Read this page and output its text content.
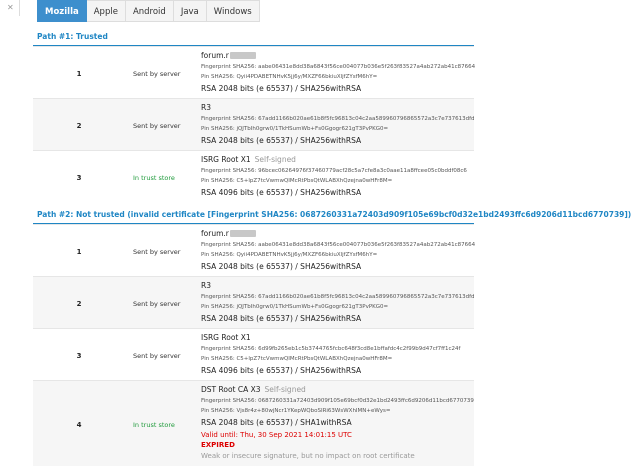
✕	Mozilla	Apple	Android	Java	Windows
Path #1: Trusted
1	Sent by server
forum.r
Fingerprint SHA256: aabe06431e8dd38a6843f56ce004077b036e5f263f83527a4ab272ab41c87664
Pin SHA256: Qyii4PDABETNHvK5jj6y/MXZF66bkiuXljfZYsfM6hY=
RSA 2048 bits (e 65537) / SHA256withRSA
2	Sent by server
R3
Fingerprint SHA256: 67add1166b020ae61b8f5fc96813c04c2aa589960796865572a3c7e737613dfd
Pin SHA256: jQJTbIh0grw0/1TkHSumWb+Fs0Ggogr621gT3PvPKG0=
RSA 2048 bits (e 65537) / SHA256withRSA
3	In trust store
ISRG Root X1 Self-signed
Fingerprint SHA256: 96bcec06264976f37460779acf28c5a7cfe8a3c0aae11a8ffcee05c0bddf08c6
Pin SHA256: C5+lpZ7tcVwmwQIMcRtPbsQtWLABXhQzejna0wHFr8M=
RSA 4096 bits (e 65537) / SHA256withRSA
Path #2: Not trusted (invalid certificate [Fingerprint SHA256: 0687260331a72403d909f105e69bcf0d32e1bd2493ffc6d9206d11bcd6770739])
1	Sent by server
forum.r
Fingerprint SHA256: aabe06431e8dd38a6843f56ce004077b036e5f263f83527a4ab272ab41c87664
Pin SHA256: Qyii4PDABETNHvK5jj6y/MXZF66bkiuXljfZYsfM6hY=
RSA 2048 bits (e 65537) / SHA256withRSA
2	Sent by server
R3
Fingerprint SHA256: 67add1166b020ae61b8f5fc96813c04c2aa589960796865572a3c7e737613dfd
Pin SHA256: jQJTbIh0grw0/1TkHSumWb+Fs0Ggogr621gT3PvPKG0=
RSA 2048 bits (e 65537) / SHA256withRSA
3	Sent by server
ISRG Root X1
Fingerprint SHA256: 6d99fb265eb1c5b3744765fcbc648f3cd8e1bffafdc4c2f99b9d47cf7ff1c24f
Pin SHA256: C5+lpZ7tcVwmwQIMcRtPbsQtWLABXhQzejna0wHFr8M=
RSA 4096 bits (e 65537) / SHA256withRSA
4	In trust store
DST Root CA X3 Self-signed
Fingerprint SHA256: 0687260331a72403d909f105e69bcf0d32e1bd2493ffc6d9206d11bcd6770739
Pin SHA256: Vjs8r4z+80wjNcr1YKepWQboSIRi63WsWXhIMN+eWys=
RSA 2048 bits (e 65537) / SHA1withRSA
Valid until: Thu, 30 Sep 2021 14:01:15 UTC
EXPIRED
Weak or insecure signature, but no impact on root certificate
